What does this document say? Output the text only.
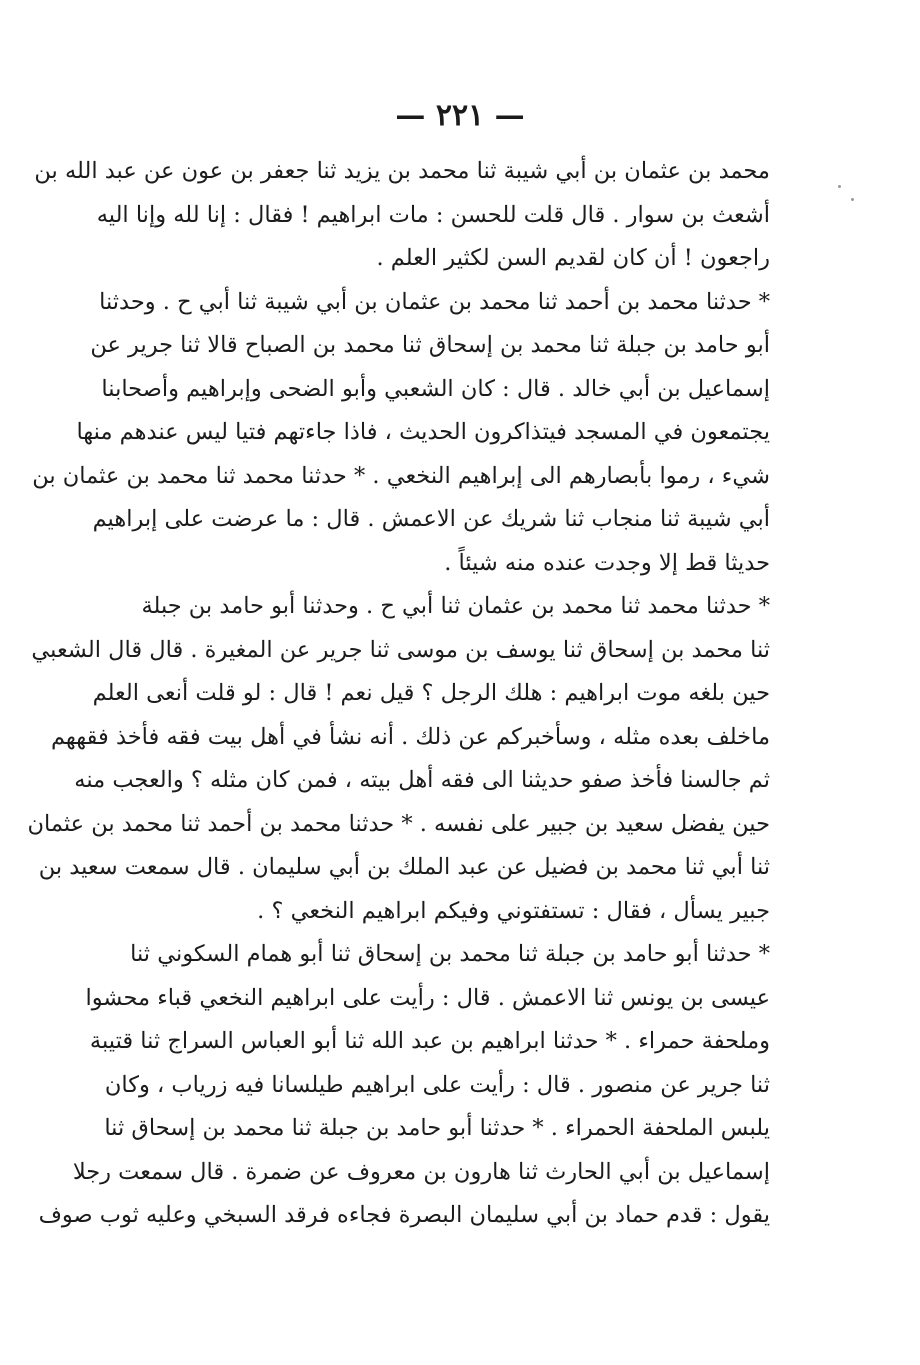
— ٢٢١ —
محمد بن عثمان بن أبي شيبة ثنا محمد بن يزيد ثنا جعفر بن عون عن عبد الله بن
أشعث بن سوار . قال قلت للحسن : مات ابراهيم ! فقال : إنا لله وإنا اليه
راجعون ! أن كان لقديم السن لكثير العلم .
* حدثنا محمد بن أحمد ثنا محمد بن عثمان بن أبي شيبة ثنا أبي ح . وحدثنا
أبو حامد بن جبلة ثنا محمد بن إسحاق ثنا محمد بن الصباح قالا ثنا جرير عن
إسماعيل بن أبي خالد . قال : كان الشعبي وأبو الضحى وإبراهيم وأصحابنا
يجتمعون في المسجد فيتذاكرون الحديث ، فاذا جاءتهم فتيا ليس عندهم منها
شيء ، رموا بأبصارهم الى إبراهيم النخعي . * حدثنا محمد ثنا محمد بن عثمان بن
أبي شيبة ثنا منجاب ثنا شريك عن الاعمش . قال : ما عرضت على إبراهيم
حديثا قط إلا وجدت عنده منه شيئاً .
* حدثنا محمد ثنا محمد بن عثمان ثنا أبي ح . وحدثنا أبو حامد بن جبلة
ثنا محمد بن إسحاق ثنا يوسف بن موسى ثنا جرير عن المغيرة . قال قال الشعبي
حين بلغه موت ابراهيم : هلك الرجل ؟ قيل نعم ! قال : لو قلت أنعى العلم
ماخلف بعده مثله ، وسأخبركم عن ذلك . أنه نشأ في أهل بيت فقه فأخذ فقههم
ثم جالسنا فأخذ صفو حديثنا الى فقه أهل بيته ، فمن كان مثله ؟ والعجب منه
حين يفضل سعيد بن جبير على نفسه . * حدثنا محمد بن أحمد ثنا محمد بن عثمان
ثنا أبي ثنا محمد بن فضيل عن عبد الملك بن أبي سليمان . قال سمعت سعيد بن
جبير يسأل ، فقال : تستفتوني وفيكم ابراهيم النخعي ؟ .
* حدثنا أبو حامد بن جبلة ثنا محمد بن إسحاق ثنا أبو همام السكوني ثنا
عيسى بن يونس ثنا الاعمش . قال : رأيت على ابراهيم النخعي قباء محشوا
وملحفة حمراء . * حدثنا ابراهيم بن عبد الله ثنا أبو العباس السراج ثنا قتيبة
ثنا جرير عن منصور . قال : رأيت على ابراهيم طيلسانا فيه زرياب ، وكان
يلبس الملحفة الحمراء . * حدثنا أبو حامد بن جبلة ثنا محمد بن إسحاق ثنا
إسماعيل بن أبي الحارث ثنا هارون بن معروف عن ضمرة . قال سمعت رجلا
يقول : قدم حماد بن أبي سليمان البصرة فجاءه فرقد السبخي وعليه ثوب صوف
